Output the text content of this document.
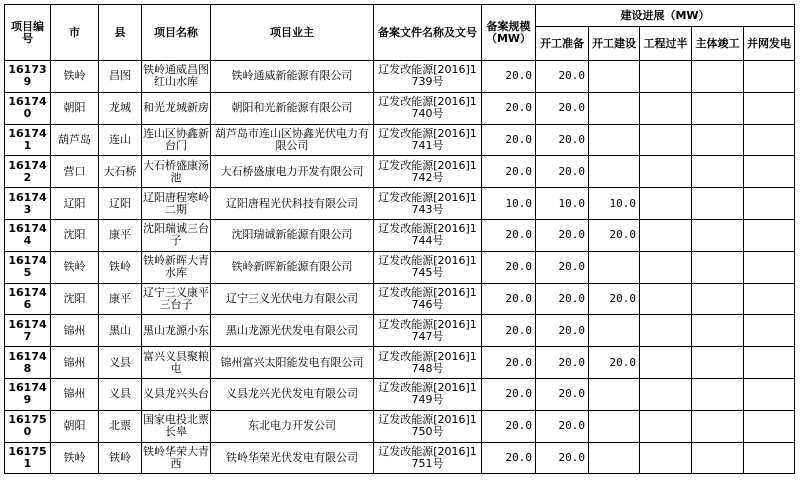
项目编号	市	县	项目名称	项目业主	备案文件名称及文号	备案规模（MW）	建设进展（MW）				
							开工准备	开工建设	工程过半	主体竣工	并网发电
161739	铁岭	昌图	铁岭通威昌图红山水库	铁岭通威新能源有限公司	辽发改能源[2016]1739号	20.0	20.0				
161740	朝阳	龙城	和光龙城新房	朝阳和光新能源有限公司	辽发改能源[2016]1740号	20.0	20.0				
161741	葫芦岛	连山	连山区协鑫新台门	葫芦岛市连山区协鑫光伏电力有限公司	辽发改能源[2016]1741号	20.0	20.0				
161742	营口	大石桥	大石桥盛康汤池	大石桥盛康电力开发有限公司	辽发改能源[2016]1742号	20.0	20.0				
161743	辽阳	辽阳	辽阳唐程寒岭二期	辽阳唐程光伏科技有限公司	辽发改能源[2016]1743号	10.0	10.0	10.0			
161744	沈阳	康平	沈阳瑞诚三台子	沈阳瑞诚新能源有限公司	辽发改能源[2016]1744号	20.0	20.0	20.0			
161745	铁岭	铁岭	铁岭新晖大青水库	铁岭新晖新能源有限公司	辽发改能源[2016]1745号	20.0	20.0				
161746	沈阳	康平	辽宁三义康平三台子	辽宁三义光伏电力有限公司	辽发改能源[2016]1746号	20.0	20.0	20.0			
161747	锦州	黑山	黑山龙源小东	黑山龙源光伏发电有限公司	辽发改能源[2016]1747号	20.0	20.0				
161748	锦州	义县	富兴义县聚粮屯	锦州富兴太阳能发电有限公司	辽发改能源[2016]1748号	20.0	20.0	20.0			
161749	锦州	义县	义县龙兴头台	义县龙兴光伏发电有限公司	辽发改能源[2016]1749号	20.0	20.0				
161750	朝阳	北票	国家电投北票长皋	东北电力开发公司	辽发改能源[2016]1750号	20.0	20.0				
161751	铁岭	铁岭	铁岭华荣大青西	铁岭华荣光伏发电有限公司	辽发改能源[2016]1751号	20.0	20.0				
